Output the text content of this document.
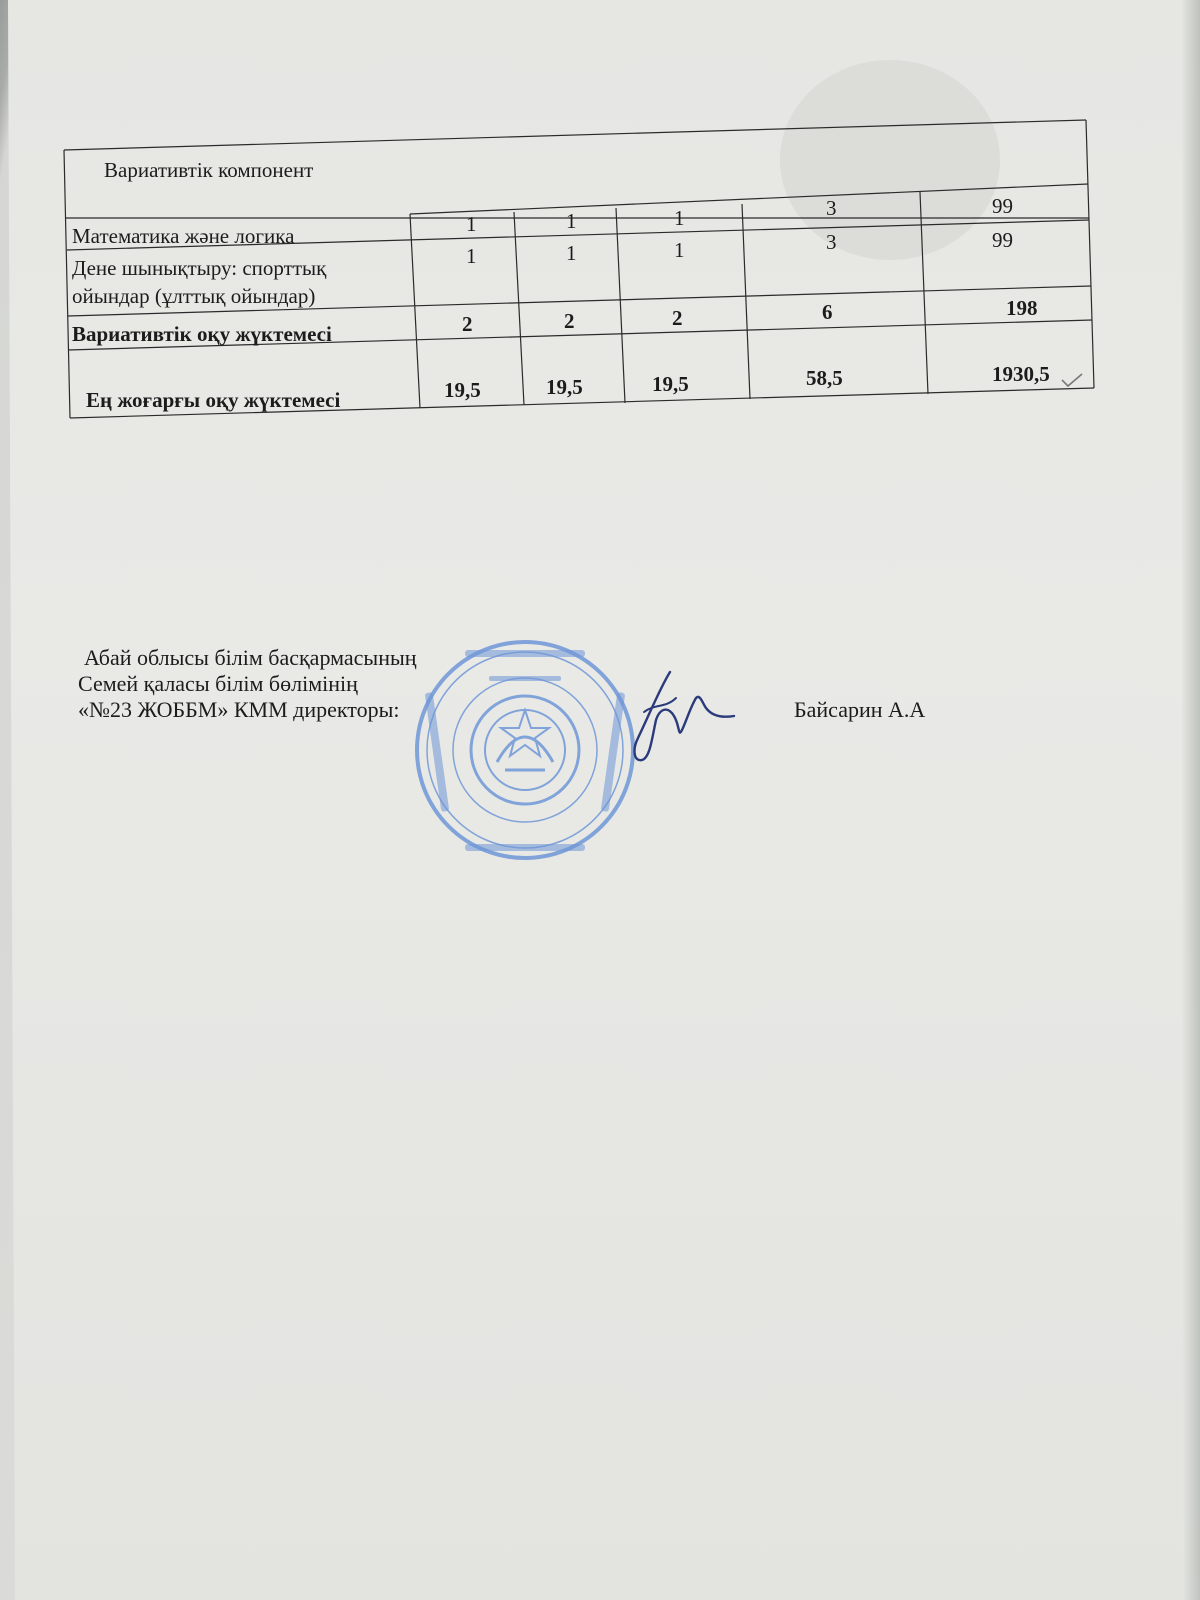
Вариативтік компонент
Математика және логика	1	1	1	3	99
Дене шынықтыру: спорттық
ойындар (ұлттық ойындар)
1	1	1	3	99
Вариативтік оқу жүктемесі	2	2	2	6	198
Ең жоғарғы оқу жүктемесі	19,5	19,5	19,5	58,5	1930,5
Абай облысы білім басқармасының
Семей қаласы білім бөлімінің
«№23 ЖОББМ» КММ директоры:	Байсарин А.А
